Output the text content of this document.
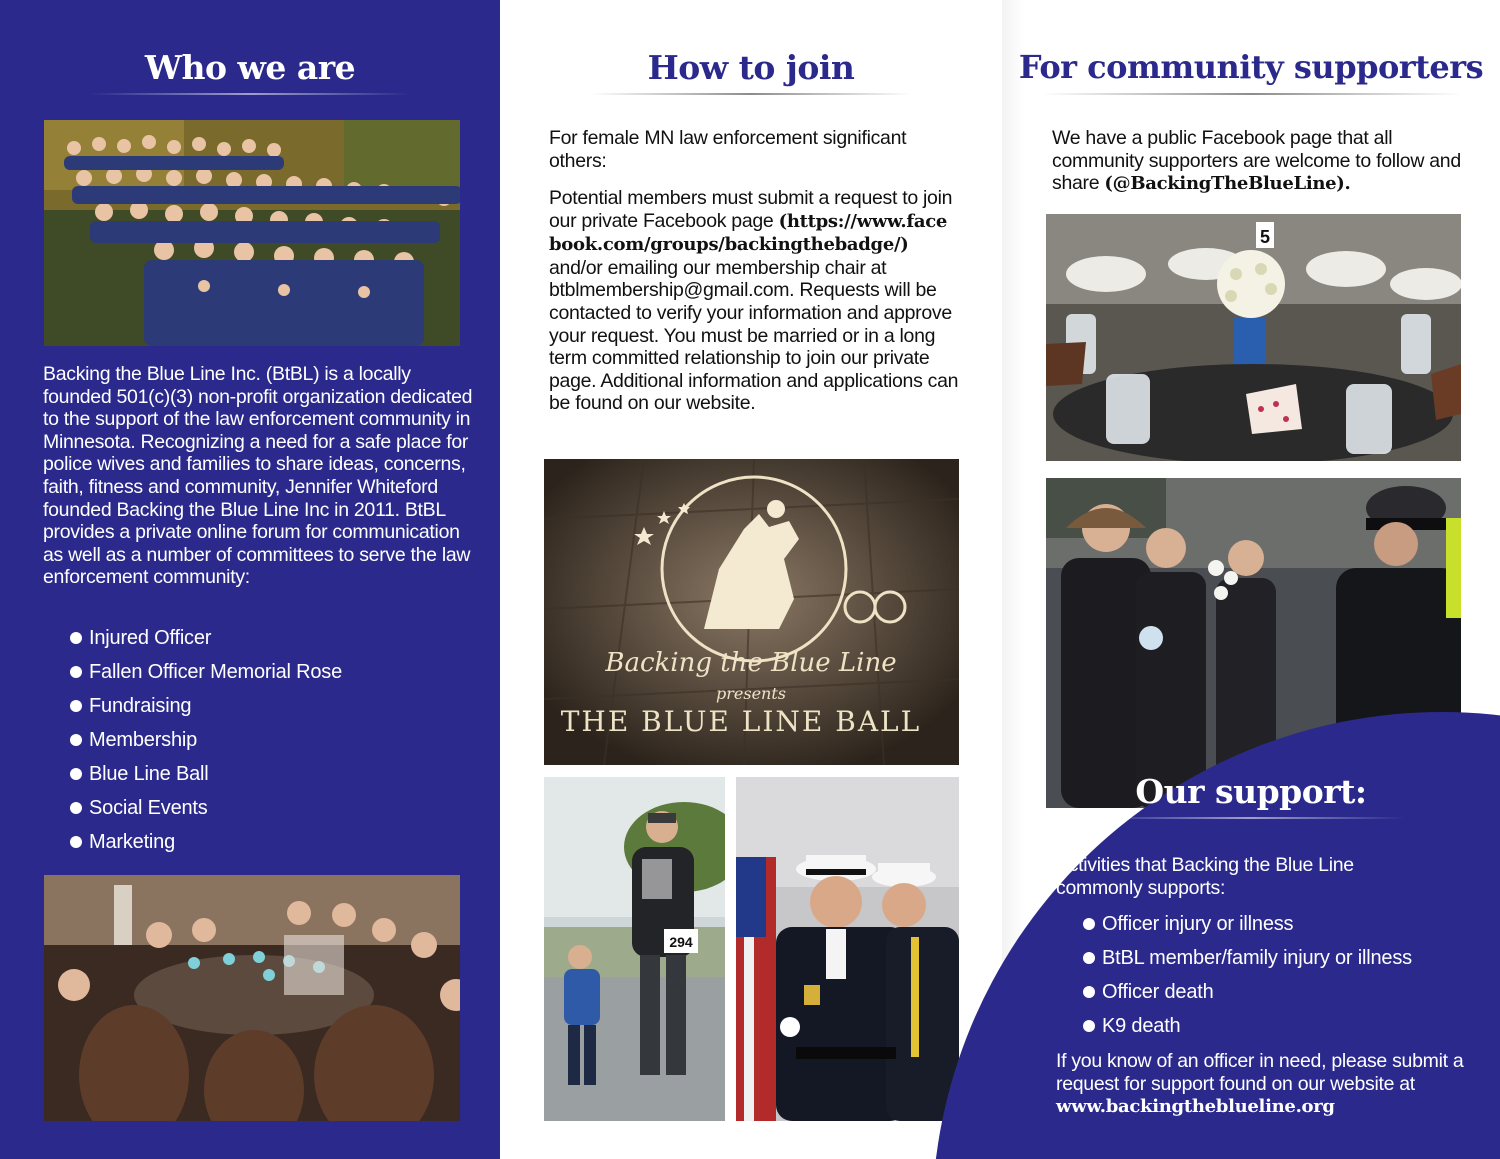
Who we are

Backing the Blue Line Inc. (BtBL) is a locally founded 501(c)(3) non-profit organization dedicated to the support of the law enforcement community in Minnesota. Recognizing a need for a safe place for police wives and families to share ideas, concerns, faith, fitness and community, Jennifer Whiteford founded Backing the Blue Line Inc in 2011. BtBL provides a private online forum for communication as well as a number of committees to serve the law enforcement community:

Injured Officer
Fallen Officer Memorial Rose
Fundraising
Membership
Blue Line Ball
Social Events
Marketing
How to join

For female MN law enforcement significant others:

Potential members must submit a request to join our private Facebook page (https://www.facebook.com/groups/backingthebadge/) and/or emailing our membership chair at btblmembership@gmail.com. Requests will be contacted to verify your information and approve your request. You must be married or in a long term committed relationship to join our private page. Additional information and applications can be found on our website.
Backing the Blue Line
presents
THE BLUE LINE BALL
294
For community supporters
We have a public Facebook page that all community supporters are welcome to follow and share (@BackingTheBlueLine).
5
Our support:

Activities that Backing the Blue Line commonly supports:

Officer injury or illness
BtBL member/family injury or illness
Officer death
K9 death
If you know of an officer in need, please submit a request for support found on our website at www.backingtheblueline.org
